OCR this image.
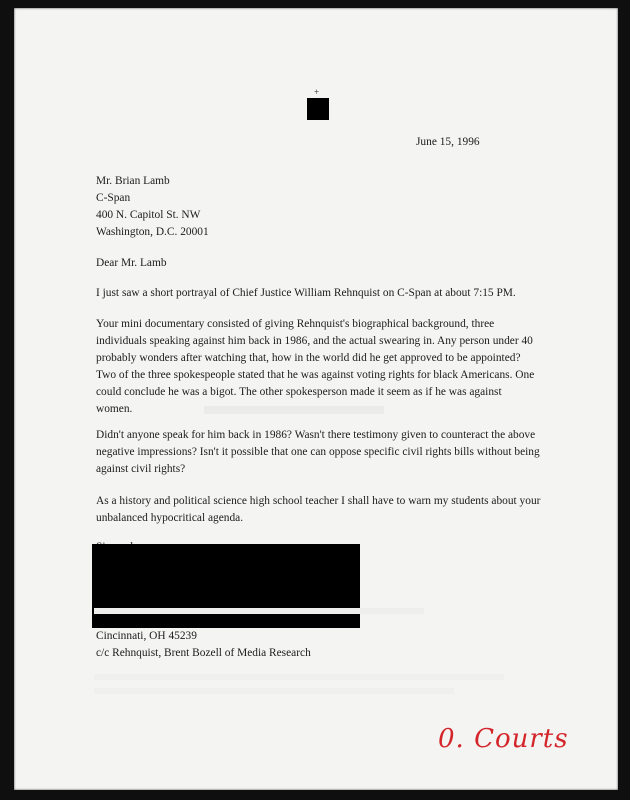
+
June 15, 1996
Mr. Brian Lamb
C-Span
400 N. Capitol St. NW
Washington, D.C. 20001
Dear Mr. Lamb
I just saw a short portrayal of Chief Justice William Rehnquist on C-Span at about 7:15 PM.
Your mini documentary consisted of giving Rehnquist's biographical background, three
individuals speaking against him back in 1986, and the actual swearing in. Any person under 40
probably wonders after watching that, how in the world did he get approved to be appointed?
Two of the three spokespeople stated that he was against voting rights for black Americans. One
could conclude he was a bigot. The other spokesperson made it seem as if he was against
women.
Didn't anyone speak for him back in 1986? Wasn't there testimony given to counteract the above
negative impressions? Isn't it possible that one can oppose specific civil rights bills without being
against civil rights?
As a history and political science high school teacher I shall have to warn my students about your
unbalanced hypocritical agenda.
Cincinnati, OH 45239
c/c Rehnquist, Brent Bozell of Media Research
0. Courts
